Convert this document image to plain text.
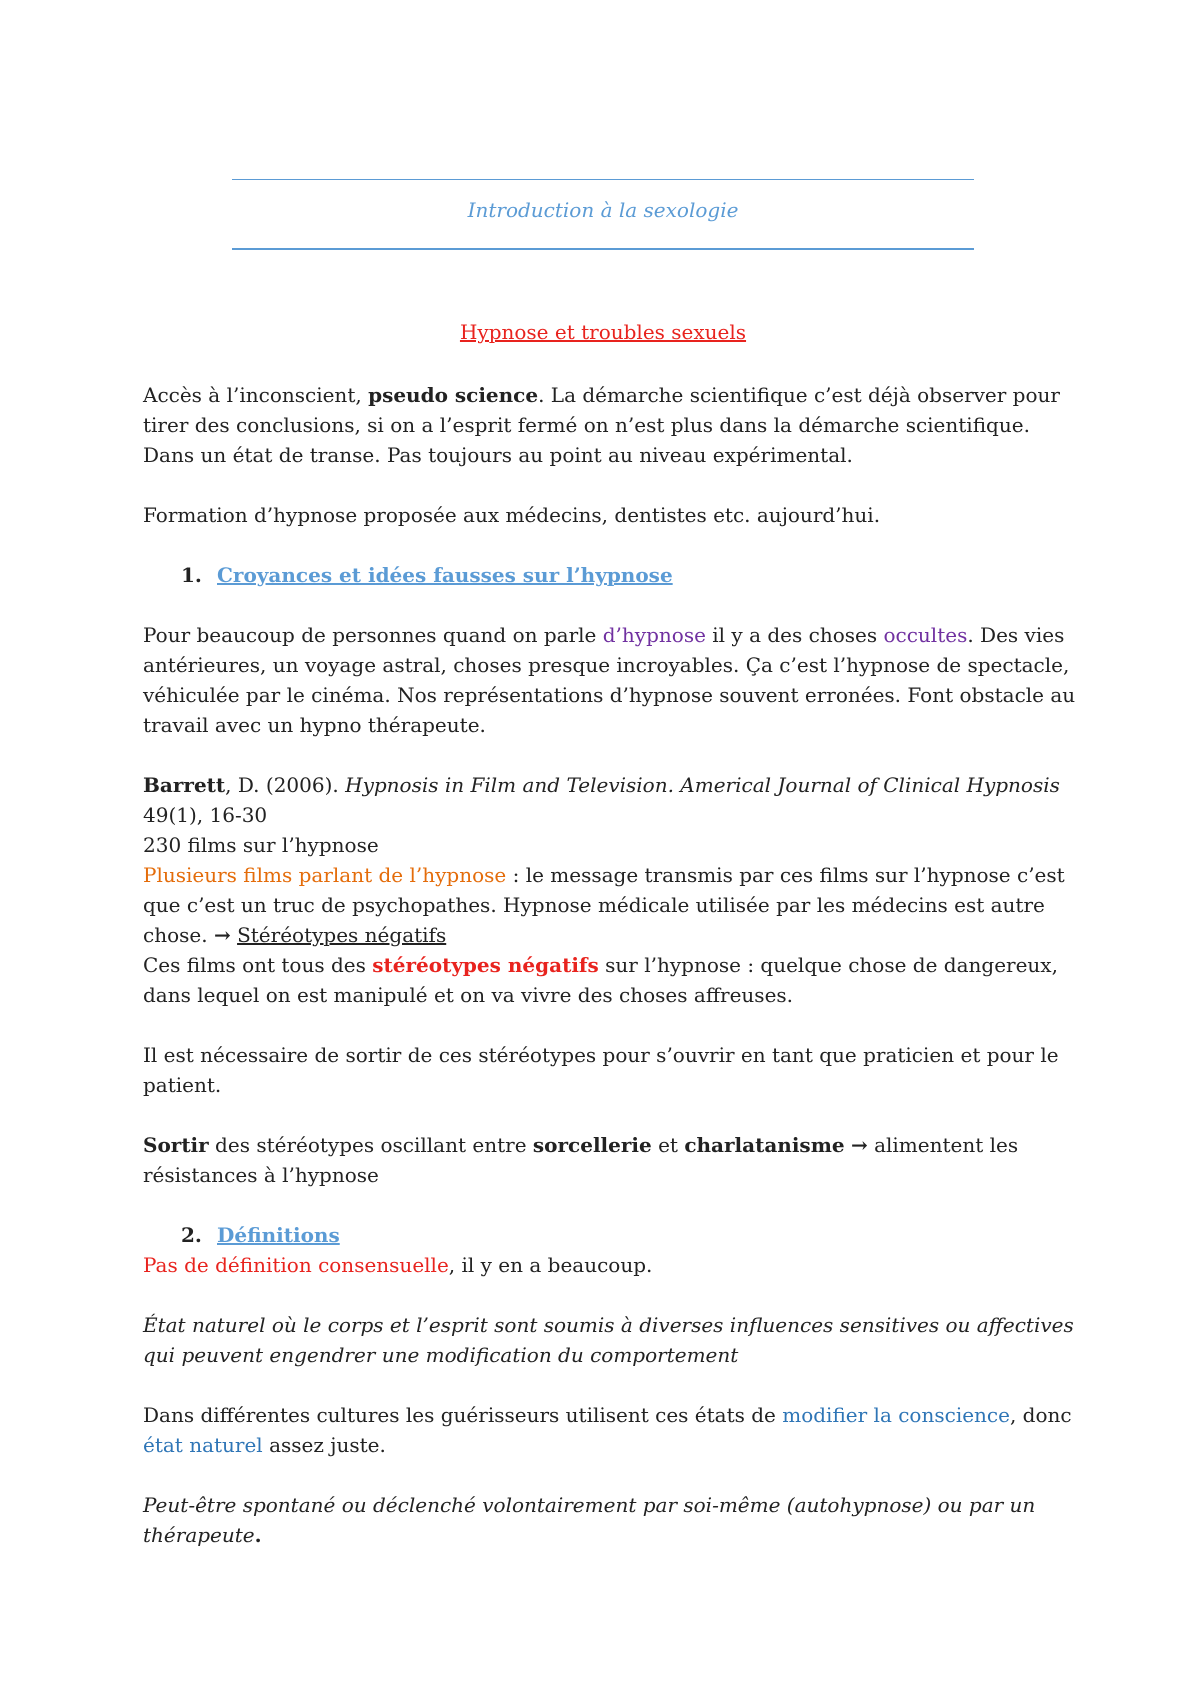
Introduction à la sexologie
Hypnose et troubles sexuels

Accès à l’inconscient, pseudo science. La démarche scientifique c’est déjà observer pour tirer des conclusions, si on a l’esprit fermé on n’est plus dans la démarche scientifique.

Dans un état de transe. Pas toujours au point au niveau expérimental.

Formation d’hypnose proposée aux médecins, dentistes etc. aujourd’hui.

1. Croyances et idées fausses sur l’hypnose

Pour beaucoup de personnes quand on parle d’hypnose il y a des choses occultes. Des vies antérieures, un voyage astral, choses presque incroyables. Ça c’est l’hypnose de spectacle, véhiculée par le cinéma. Nos représentations d’hypnose souvent erronées. Font obstacle au travail avec un hypno thérapeute.

Barrett, D. (2006). Hypnosis in Film and Television. Americal Journal of Clinical Hypnosis

49(1), 16-30

230 films sur l’hypnose

Plusieurs films parlant de l’hypnose : le message transmis par ces films sur l’hypnose c’est que c’est un truc de psychopathes. Hypnose médicale utilisée par les médecins est autre chose. → Stéréotypes négatifs

Ces films ont tous des stéréotypes négatifs sur l’hypnose : quelque chose de dangereux, dans lequel on est manipulé et on va vivre des choses affreuses.

Il est nécessaire de sortir de ces stéréotypes pour s’ouvrir en tant que praticien et pour le patient.

Sortir des stéréotypes oscillant entre sorcellerie et charlatanisme → alimentent les résistances à l’hypnose

2. Définitions

Pas de définition consensuelle, il y en a beaucoup.

État naturel où le corps et l’esprit sont soumis à diverses influences sensitives ou affectives qui peuvent engendrer une modification du comportement

Dans différentes cultures les guérisseurs utilisent ces états de modifier la conscience, donc état naturel assez juste.

Peut-être spontané ou déclenché volontairement par soi-même (autohypnose) ou par un thérapeute.
